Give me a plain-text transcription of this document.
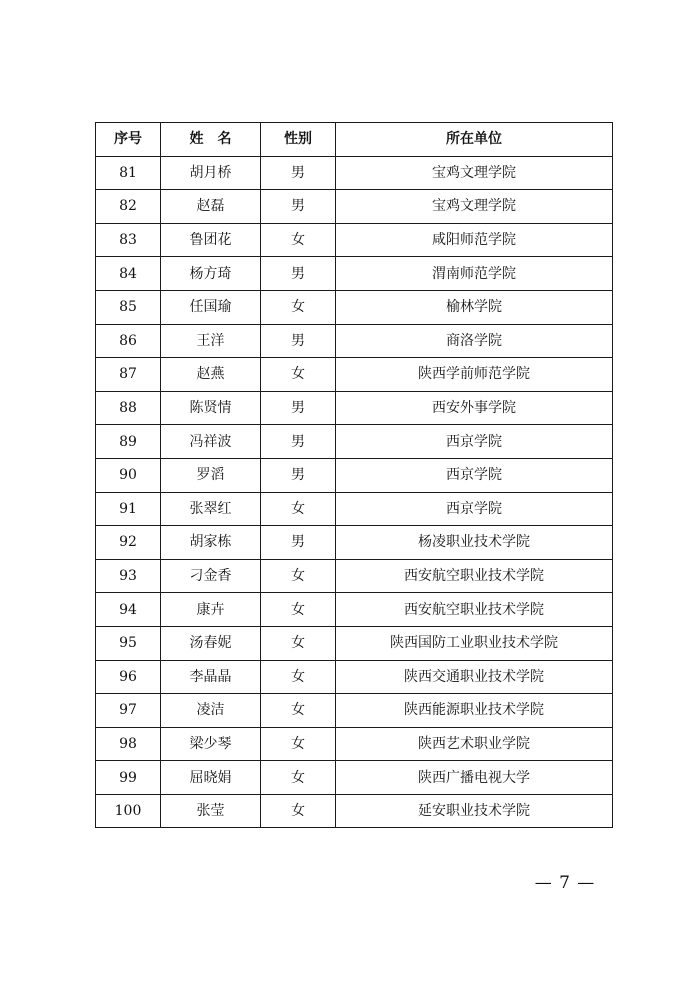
序号	姓　名	性别	所在单位
81	胡月桥	男	宝鸡文理学院
82	赵磊	男	宝鸡文理学院
83	鲁团花	女	咸阳师范学院
84	杨方琦	男	渭南师范学院
85	任国瑜	女	榆林学院
86	王洋	男	商洛学院
87	赵燕	女	陕西学前师范学院
88	陈贤情	男	西安外事学院
89	冯祥波	男	西京学院
90	罗滔	男	西京学院
91	张翠红	女	西京学院
92	胡家栋	男	杨凌职业技术学院
93	刁金香	女	西安航空职业技术学院
94	康卉	女	西安航空职业技术学院
95	汤春妮	女	陕西国防工业职业技术学院
96	李晶晶	女	陕西交通职业技术学院
97	凌洁	女	陕西能源职业技术学院
98	梁少琴	女	陕西艺术职业学院
99	屈晓娟	女	陕西广播电视大学
100	张莹	女	延安职业技术学院
— 7 —
